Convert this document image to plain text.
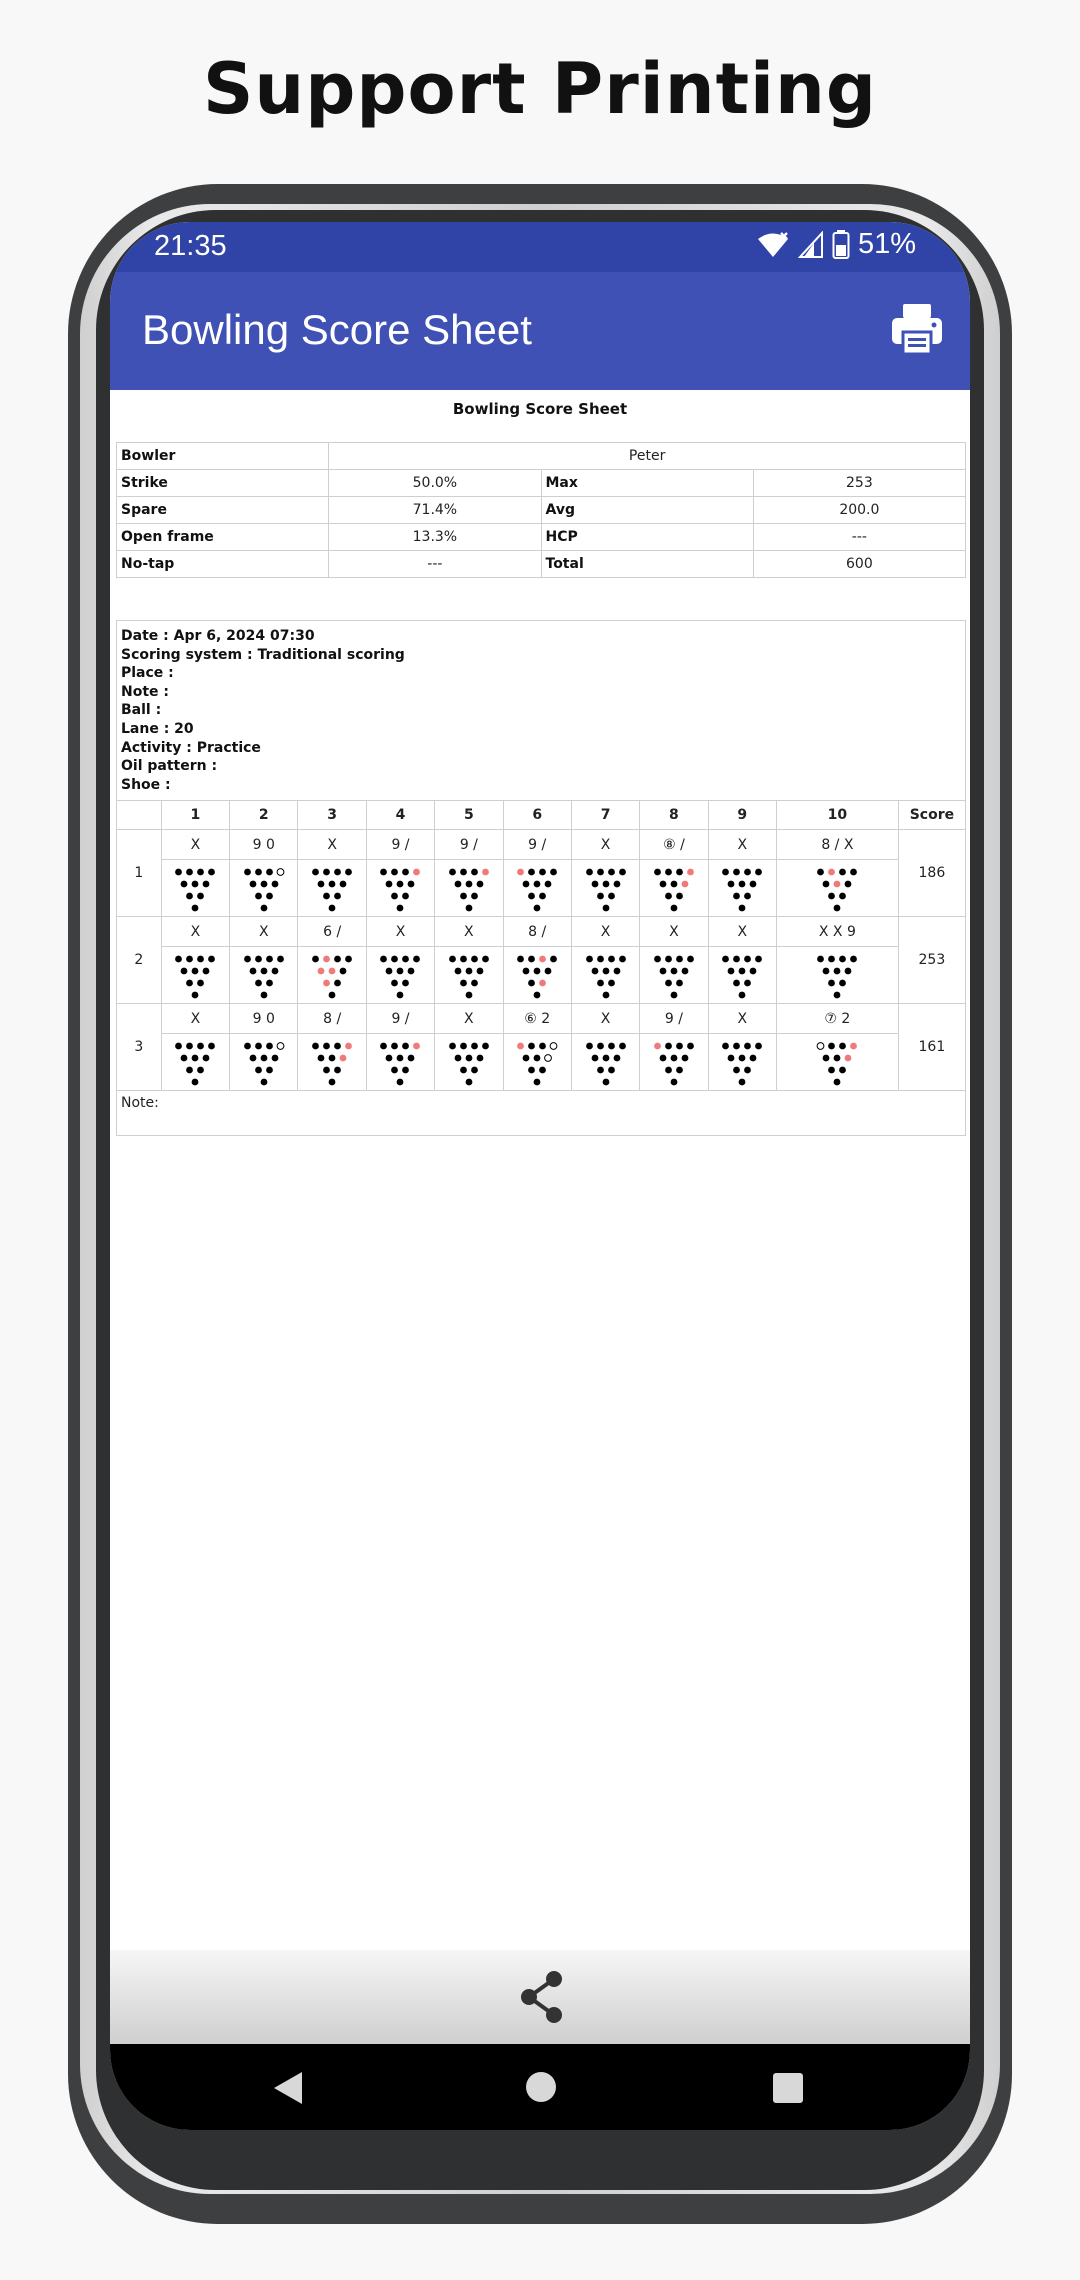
Support Printing
21:35	51%
Bowling Score Sheet
Bowling Score Sheet
Bowler	Peter		
Strike	50.0%	Max	253
Spare	71.4%	Avg	200.0
Open frame	13.3%	HCP	---
No-tap	---	Total	600
Date : Apr 6, 2024 07:30
Scoring system : Traditional scoring
Place :
Note :
Ball :
Lane : 20
Activity : Practice
Oil pattern :
Shoe :
	1	2	3	4	5	6	7	8	9	10	Score
1	X	9 0	X	9 /	9 /	9 /	X	⑧ /	X	8 / X	186

2	X	X	6 /	X	X	8 /	X	X	X	X X 9	253

3	X	9 0	8 /	9 /	X	⑥ 2	X	9 /	X	⑦ 2	161

Note:											
